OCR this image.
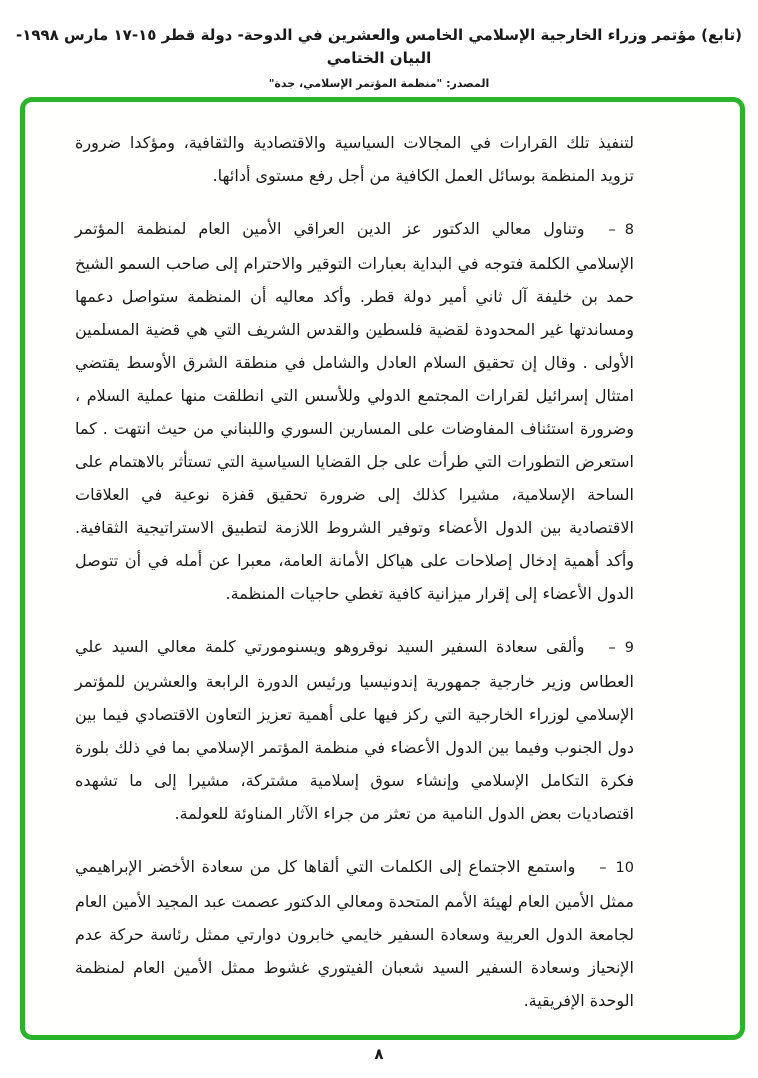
(تابع) مؤتمر وزراء الخارجية الإسلامي الخامس والعشرين في الدوحة- دولة قطر ١٥-١٧ مارس ١٩٩٨- البيان الختامي
المصدر: "منظمة المؤتمر الإسلامي، جدة"

لتنفيذ تلك القرارات في المجالات السياسية والاقتصادية والثقافية، ومؤكدا ضرورة تزويد المنظمة بوسائل العمل الكافية من أجل رفع مستوى أدائها.

– 8
وتناول معالي الدكتور عز الدين العراقي الأمين العام لمنظمة المؤتمر الإسلامي الكلمة فتوجه في البداية بعبارات التوقير والاحترام إلى صاحب السمو الشيخ حمد بن خليفة آل ثاني أمير دولة قطر. وأكد معاليه أن المنظمة ستواصل دعمها ومساندتها غير المحدودة لقضية فلسطين والقدس الشريف التي هي قضية المسلمين الأولى . وقال إن تحقيق السلام العادل والشامل في منطقة الشرق الأوسط يقتضي امتثال إسرائيل لقرارات المجتمع الدولي وللأسس التي انطلقت منها عملية السلام ، وضرورة استئناف المفاوضات على المسارين السوري واللبناني من حيث انتهت . كما استعرض التطورات التي طرأت على جل القضايا السياسية التي تستأثر بالاهتمام على الساحة الإسلامية، مشيرا كذلك إلى ضرورة تحقيق قفزة نوعية في العلاقات الاقتصادية بين الدول الأعضاء وتوفير الشروط اللازمة لتطبيق الاستراتيجية الثقافية. وأكد أهمية إدخال إصلاحات على هياكل الأمانة العامة، معبرا عن أمله في أن تتوصل الدول الأعضاء إلى إقرار ميزانية كافية تغطي حاجيات المنظمة.

– 9
وألقى سعادة السفير السيد نوقروهو ويسنومورتي كلمة معالي السيد علي العطاس وزير خارجية جمهورية إندونيسيا ورئيس الدورة الرابعة والعشرين للمؤتمر الإسلامي لوزراء الخارجية التي ركز فيها على أهمية تعزيز التعاون الاقتصادي فيما بين دول الجنوب وفيما بين الدول الأعضاء في منظمة المؤتمر الإسلامي بما في ذلك بلورة فكرة التكامل الإسلامي وإنشاء سوق إسلامية مشتركة، مشيرا إلى ما تشهده اقتصاديات بعض الدول النامية من تعثر من جراء الآثار المناوئة للعولمة.

– 10
واستمع الاجتماع إلى الكلمات التي ألقاها كل من سعادة الأخضر الإبراهيمي ممثل الأمين العام لهيئة الأمم المتحدة ومعالي الدكتور عصمت عبد المجيد الأمين العام لجامعة الدول العربية وسعادة السفير خايمي خابرون دوارتي ممثل رئاسة حركة عدم الإنحياز وسعادة السفير السيد شعبان الفيتوري غشوط ممثل الأمين العام لمنظمة الوحدة الإفريقية.

٨
